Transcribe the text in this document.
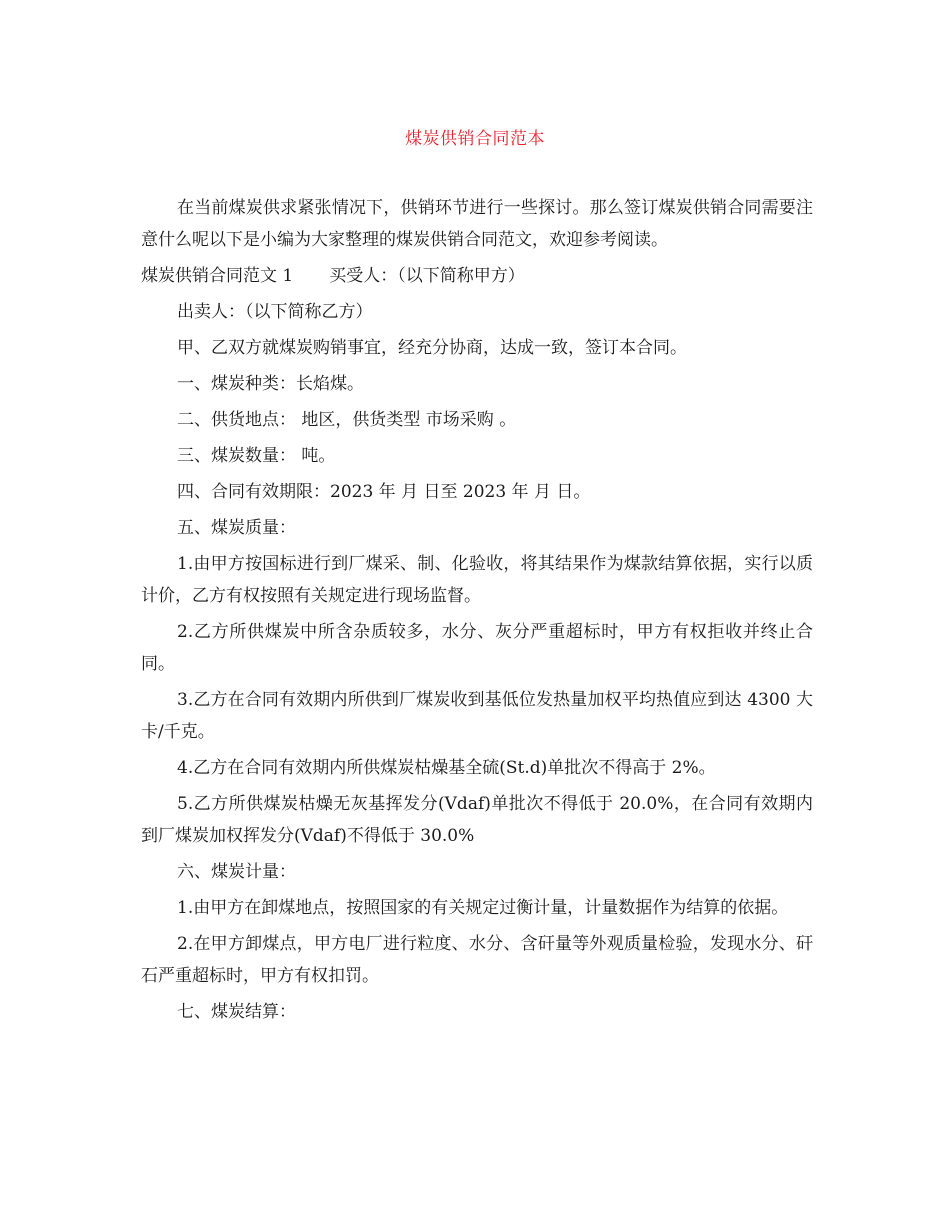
煤炭供销合同范本

在当前煤炭供求紧张情况下，供销环节进行一些探讨。那么签订煤炭供销合同需要注意什么呢以下是小编为大家整理的煤炭供销合同范文，欢迎参考阅读。

煤炭供销合同范文 1 买受人：（以下简称甲方）

出卖人：（以下简称乙方）

甲、乙双方就煤炭购销事宜，经充分协商，达成一致，签订本合同。

一、煤炭种类：长焰煤。

二、供货地点： 地区，供货类型 市场采购 。

三、煤炭数量： 吨。

四、合同有效期限：2023 年 月 日至 2023 年 月 日。

五、煤炭质量：

1.由甲方按国标进行到厂煤采、制、化验收，将其结果作为煤款结算依据，实行以质计价，乙方有权按照有关规定进行现场监督。

2.乙方所供煤炭中所含杂质较多，水分、灰分严重超标时，甲方有权拒收并终止合同。

3.乙方在合同有效期内所供到厂煤炭收到基低位发热量加权平均热值应到达 4300 大卡/千克。

4.乙方在合同有效期内所供煤炭枯燥基全硫(St.d)单批次不得高于 2%。

5.乙方所供煤炭枯燥无灰基挥发分(Vdaf)单批次不得低于 20.0%，在合同有效期内到厂煤炭加权挥发分(Vdaf)不得低于 30.0%

六、煤炭计量：

1.由甲方在卸煤地点，按照国家的有关规定过衡计量，计量数据作为结算的依据。

2.在甲方卸煤点，甲方电厂进行粒度、水分、含矸量等外观质量检验，发现水分、矸石严重超标时，甲方有权扣罚。

七、煤炭结算：
